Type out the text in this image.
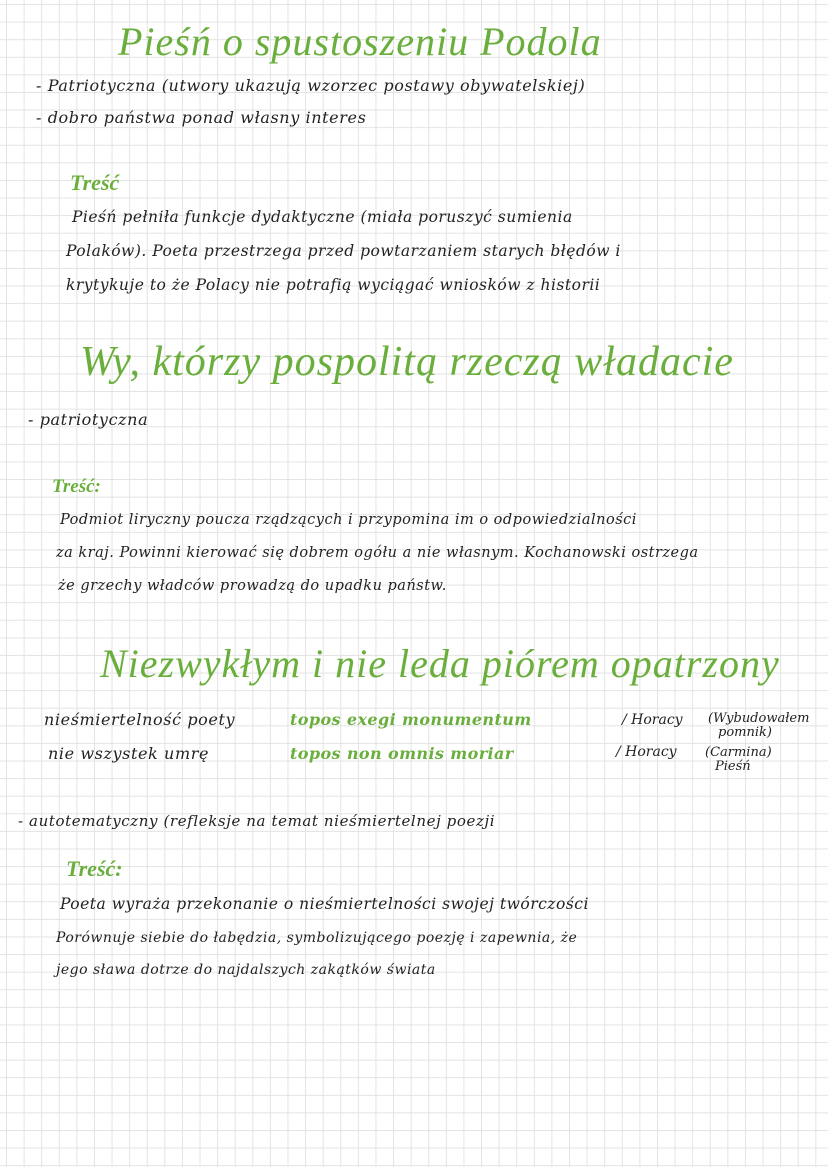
Pieśń o spustoszeniu Podola
- Patriotyczna (utwory ukazują wzorzec postawy obywatelskiej)
- dobro państwa ponad własny interes
Treść
Pieśń pełniła funkcje dydaktyczne (miała poruszyć sumienia
Polaków). Poeta przestrzega przed powtarzaniem starych błędów i
krytykuje to że Polacy nie potrafią wyciągać wniosków z historii
Wy, którzy pospolitą rzeczą władacie
- patriotyczna
Treść:
Podmiot liryczny poucza rządzących i przypomina im o odpowiedzialności
za kraj. Powinni kierować się dobrem ogółu a nie własnym. Kochanowski ostrzega
że grzechy władców prowadzą do upadku państw.
Niezwykłym i nie leda piórem opatrzony
nieśmiertelność poety	topos exegi monumentum	/ Horacy (Wybudowałem
pomnik)
nie wszystek umrę	topos non omnis moriar	/ Horacy (Carmina)
Pieśń
- autotematyczny (refleksje na temat nieśmiertelnej poezji
Treść:
Poeta wyraża przekonanie o nieśmiertelności swojej twórczości
Porównuje siebie do łabędzia, symbolizującego poezję i zapewnia, że
jego sława dotrze do najdalszych zakątków świata
